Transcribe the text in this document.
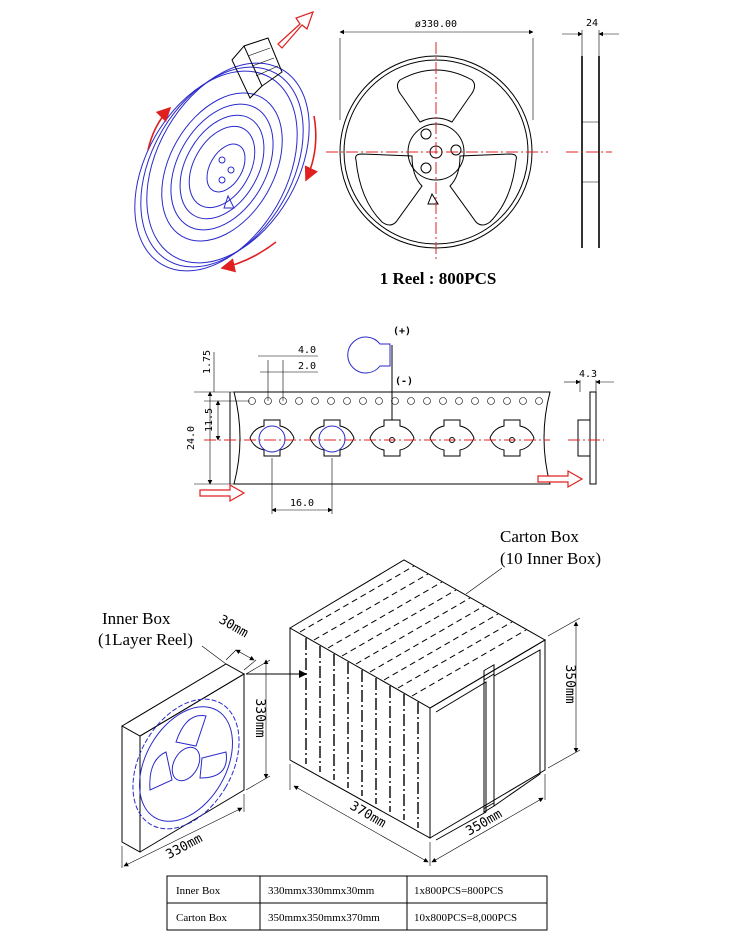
ø330.00	24
1 Reel : 800PCS
24.0
1.75
11.5
4.0
2.0
16.0
(+)
(-)
4.3
350mm
370mm	350mm
Carton Box
(10 Inner Box)
30mm
330mm
330mm
Inner Box
(1Layer Reel)
Inner Box	330mmx330mmx30mm	1x800PCS=800PCS
Carton Box	350mmx350mmx370mm	10x800PCS=8,000PCS
